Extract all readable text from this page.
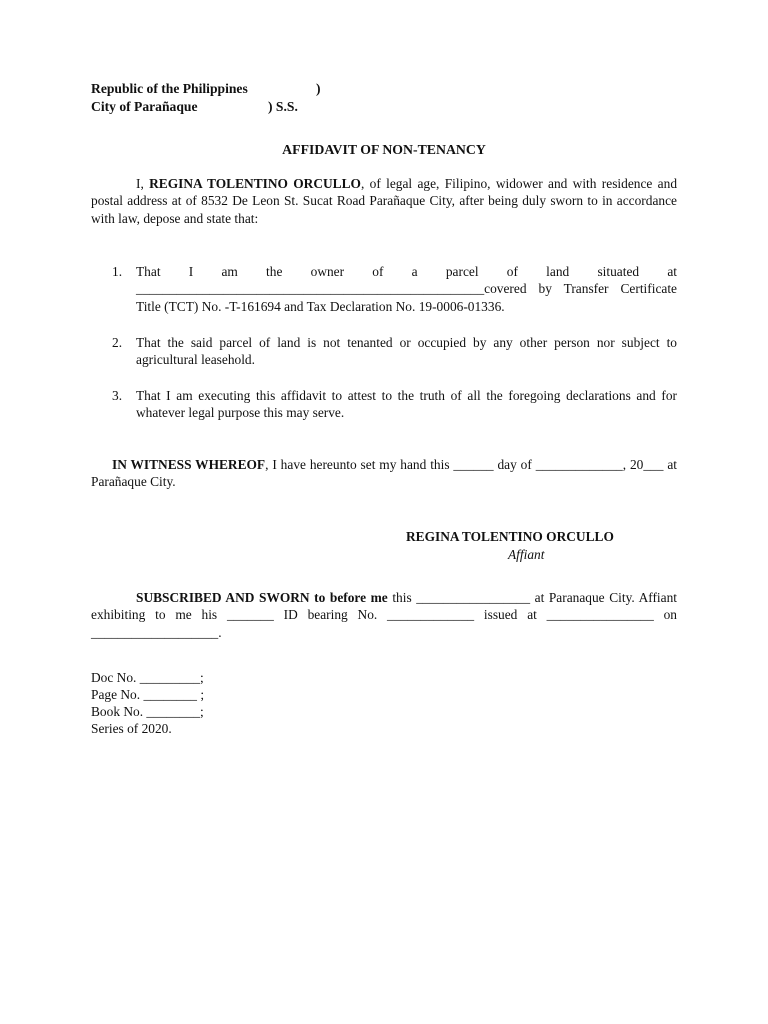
Republic of the Philippines	)
City of Parañaque	) S.S.
AFFIDAVIT OF NON-TENANCY
I, REGINA TOLENTINO ORCULLO, of legal age, Filipino, widower and with residence and postal address at of 8532 De Leon St. Sucat Road Parañaque City, after being duly sworn to in accordance with law, depose and state that:
1. That I am the owner of a parcel of land situated at ____________________________________________________covered by Transfer Certificate Title (TCT) No. -T-161694 and Tax Declaration No. 19-0006-01336.
2. That the said parcel of land is not tenanted or occupied by any other person nor subject to agricultural leasehold.
3. That I am executing this affidavit to attest to the truth of all the foregoing declarations and for whatever legal purpose this may serve.
IN WITNESS WHEREOF, I have hereunto set my hand this ______ day of _____________, 20___ at Parañaque City.
REGINA TOLENTINO ORCULLO
Affiant
SUBSCRIBED AND SWORN to before me this _________________ at Paranaque City. Affiant exhibiting to me his _______ ID bearing No. _____________ issued at ________________ on ___________________.
Doc No. _________;
Page No. ________ ;
Book No. ________;
Series of 2020.
